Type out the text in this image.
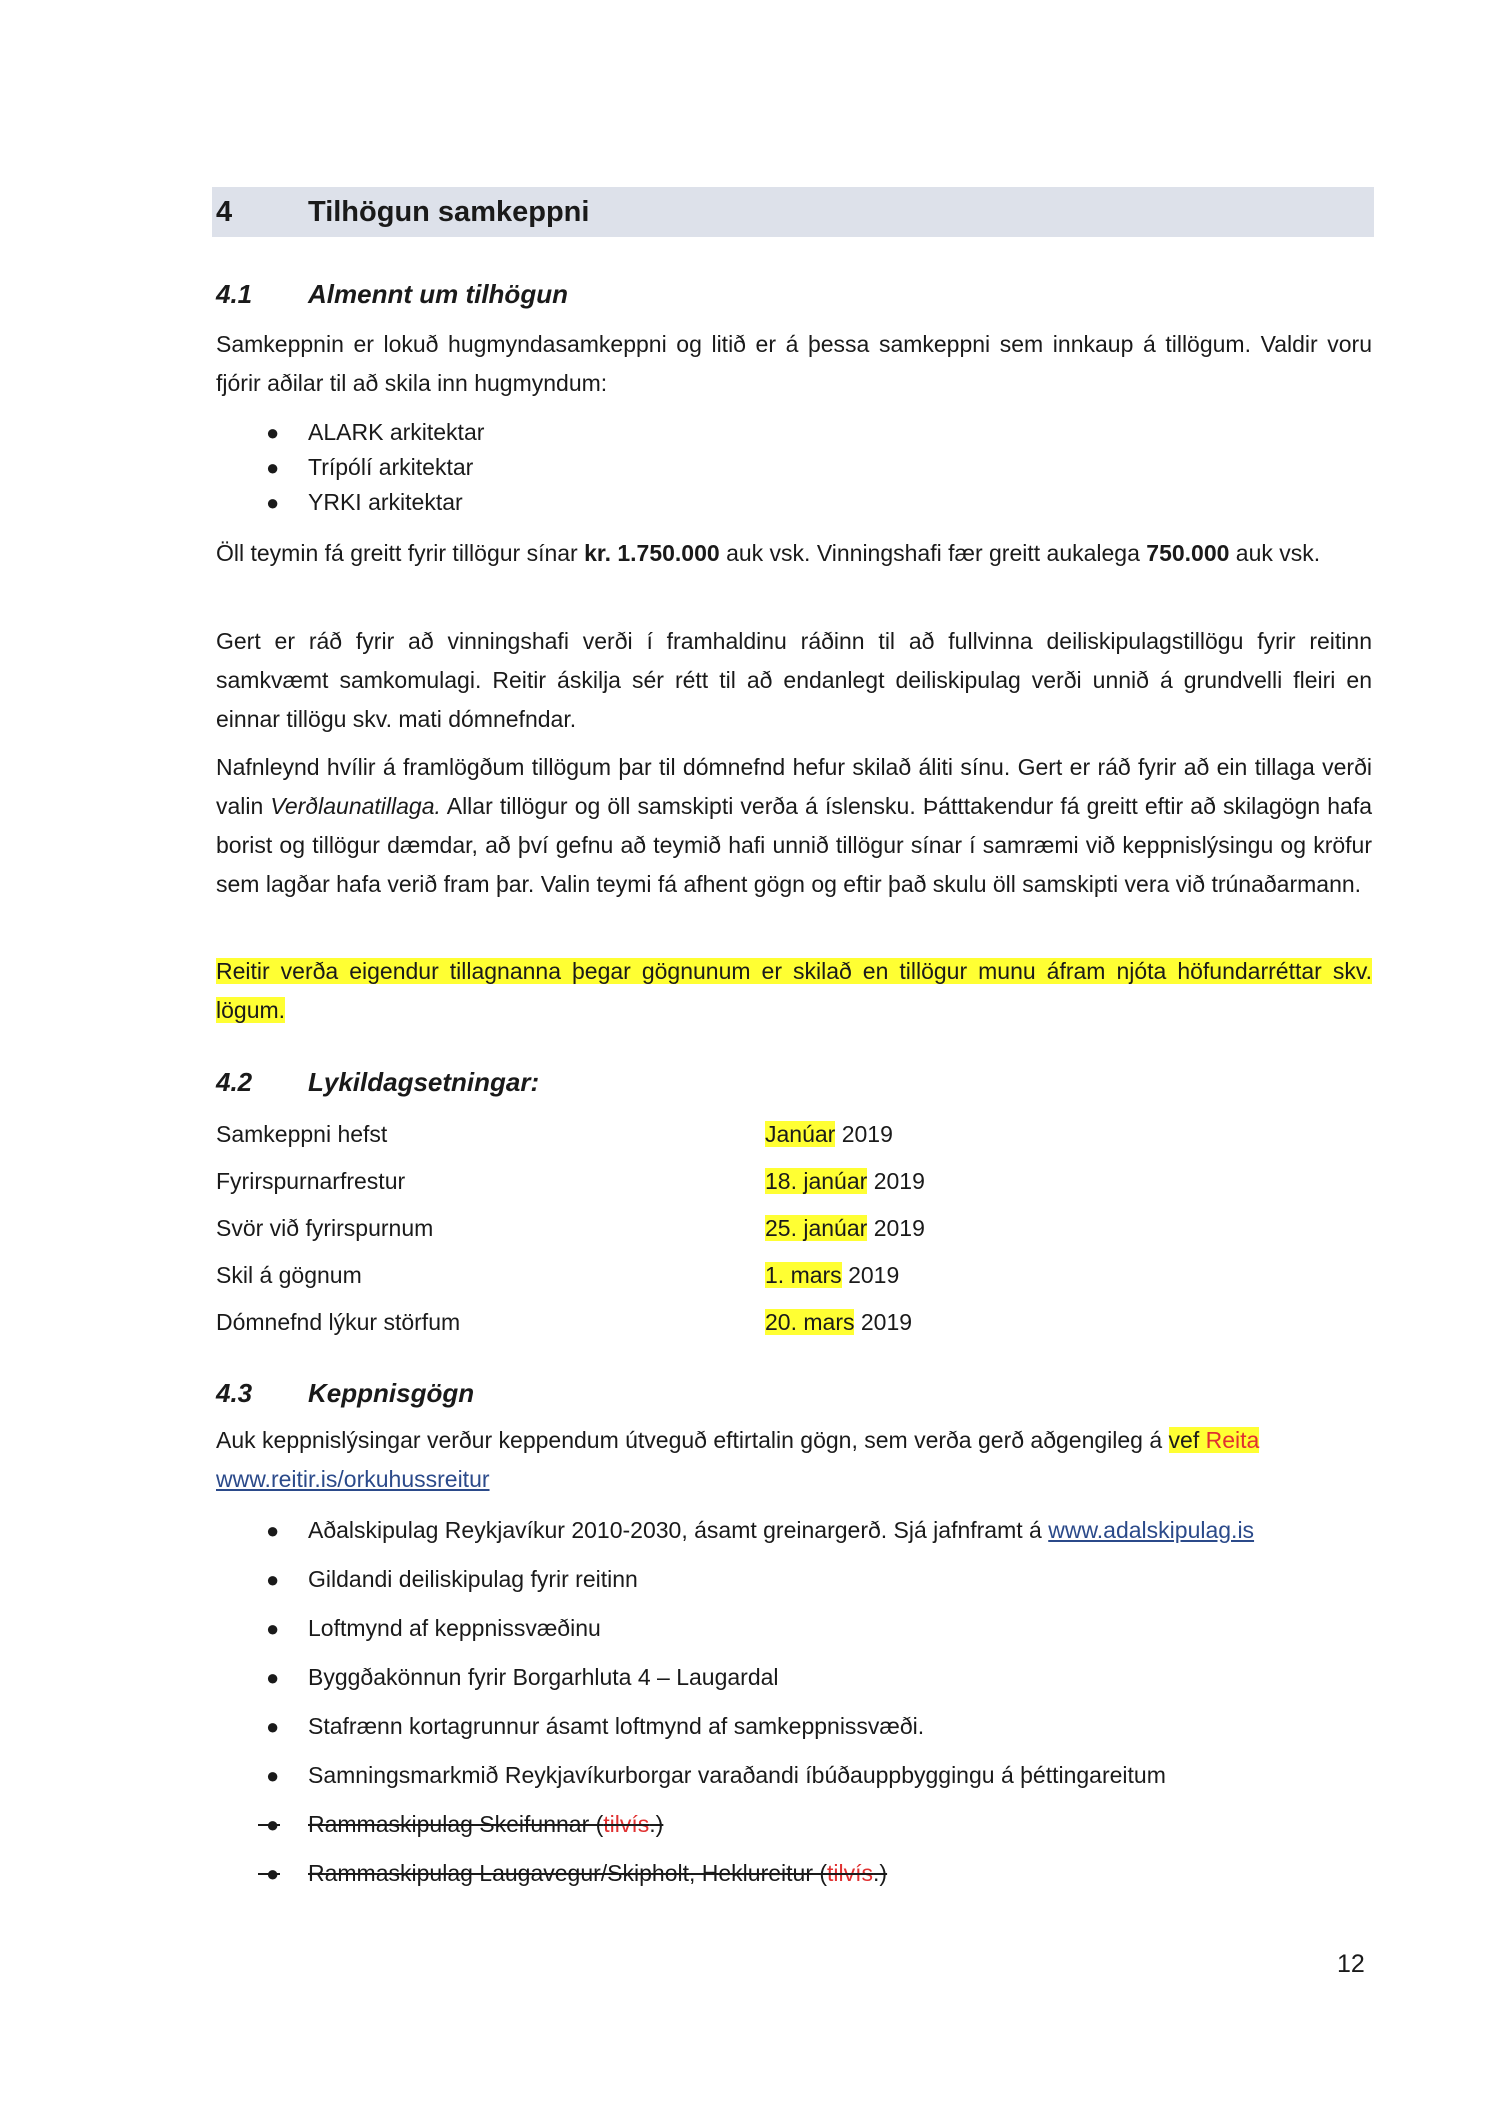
4	Tilhögun samkeppni
4.1 Almennt um tilhögun
Samkeppnin er lokuð hugmyndasamkeppni og litið er á þessa samkeppni sem innkaup á tillögum. Valdir voru fjórir aðilar til að skila inn hugmyndum:
● ALARK arkitektar
● Trípólí arkitektar
● YRKI arkitektar
Öll teymin fá greitt fyrir tillögur sínar kr. 1.750.000 auk vsk. Vinningshafi fær greitt aukalega 750.000 auk vsk.
Gert er ráð fyrir að vinningshafi verði í framhaldinu ráðinn til að fullvinna deiliskipulagstillögu fyrir reitinn samkvæmt samkomulagi. Reitir áskilja sér rétt til að endanlegt deiliskipulag verði unnið á grundvelli fleiri en einnar tillögu skv. mati dómnefndar.
Nafnleynd hvílir á framlögðum tillögum þar til dómnefnd hefur skilað áliti sínu. Gert er ráð fyrir að ein tillaga verði valin Verðlaunatillaga. Allar tillögur og öll samskipti verða á íslensku. Þátttakendur fá greitt eftir að skilagögn hafa borist og tillögur dæmdar, að því gefnu að teymið hafi unnið tillögur sínar í samræmi við keppnislýsingu og kröfur sem lagðar hafa verið fram þar. Valin teymi fá afhent gögn og eftir það skulu öll samskipti vera við trúnaðarmann.
Reitir verða eigendur tillagnanna þegar gögnunum er skilað en tillögur munu áfram njóta höfundarréttar skv. lögum.
4.2 Lykildagsetningar:
Samkeppni hefst	Janúar 2019
Fyrirspurnarfrestur	18. janúar 2019
Svör við fyrirspurnum	25. janúar 2019
Skil á gögnum	1. mars 2019
Dómnefnd lýkur störfum	20. mars 2019
4.3 Keppnisgögn
Auk keppnislýsingar verður keppendum útveguð eftirtalin gögn, sem verða gerð aðgengileg á vef Reita
www.reitir.is/orkuhussreitur
● Aðalskipulag Reykjavíkur 2010-2030, ásamt greinargerð. Sjá jafnframt á www.adalskipulag.is
● Gildandi deiliskipulag fyrir reitinn
● Loftmynd af keppnissvæðinu
● Byggðakönnun fyrir Borgarhluta 4 – Laugardal
● Stafrænn kortagrunnur ásamt loftmynd af samkeppnissvæði.
● Samningsmarkmið Reykjavíkurborgar varaðandi íbúðauppbyggingu á þéttingareitum
● Rammaskipulag Skeifunnar (tilvís.)
● Rammaskipulag Laugavegur/Skipholt, Heklureitur (tilvís.)
12
